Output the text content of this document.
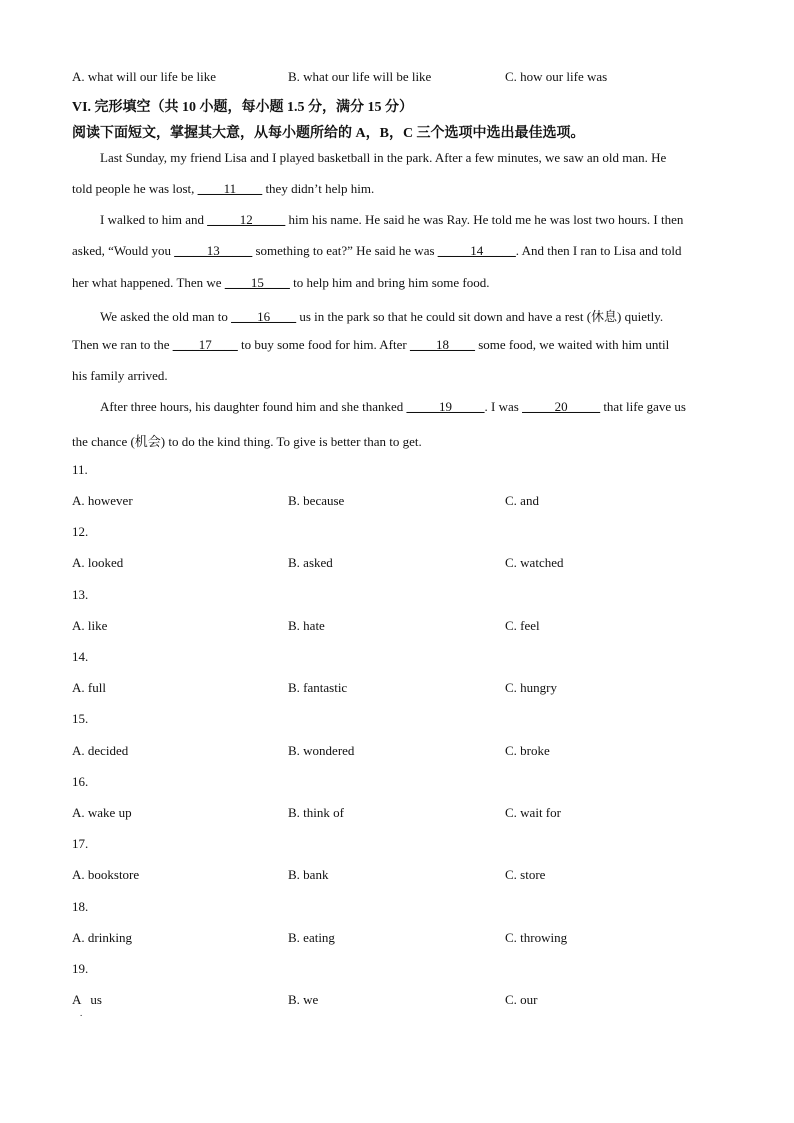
A. what will our life be like	B. what our life will be like	C. how our life was
VI. 完形填空（共 10 小题，每小题 1.5 分，满分 15 分）
阅读下面短文，掌握其大意，从每小题所给的 A，B，C 三个选项中选出最佳选项。
Last Sunday, my friend Lisa and I played basketball in the park. After a few minutes, we saw an old man. He
told people he was lost, ____11____ they didn’t help him.
I walked to him and _____12_____ him his name. He said he was Ray. He told me he was lost two hours. I then
asked, “Would you _____13_____ something to eat?” He said he was _____14_____. And then I ran to Lisa and told
her what happened. Then we ____15____ to help him and bring him some food.
We asked the old man to ____16____ us in the park so that he could sit down and have a rest (休息) quietly.
Then we ran to the ____17____ to buy some food for him. After ____18____ some food, we waited with him until
his family arrived.
After three hours, his daughter found him and she thanked _____19_____. I was _____20_____ that life gave us
the chance (机会) to do the kind thing. To give is better than to get.
11.
A. however	B. because	C. and
12.
A. looked	B. asked	C. watched
13.
A. like	B. hate	C. feel
14.
A. full	B. fantastic	C. hungry
15.
A. decided	B. wondered	C. broke
16.
A. wake up	B. think of	C. wait for
17.
A. bookstore	B. bank	C. store
18.
A. drinking	B. eating	C. throwing
19.
A   us	B. we	C. our
.
